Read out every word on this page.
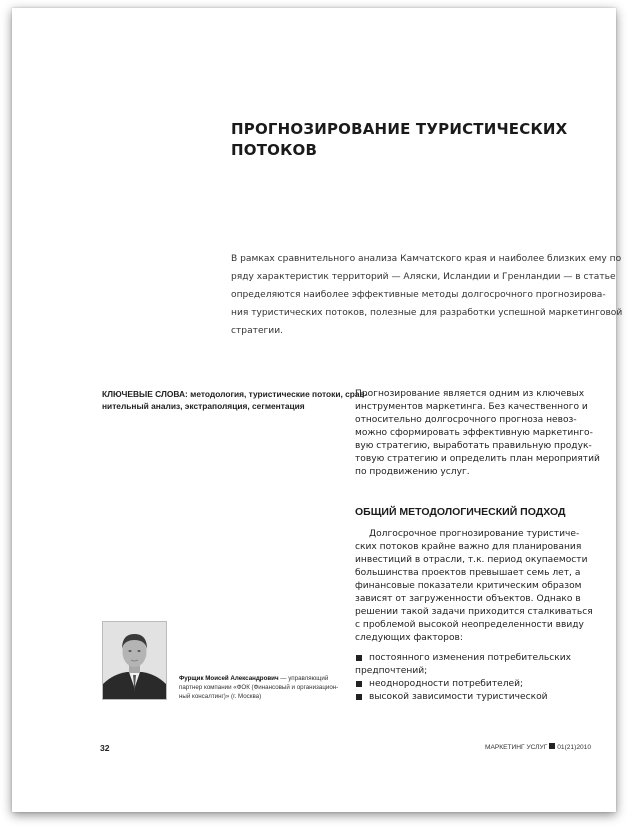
ПРОГНОЗИРОВАНИЕ ТУРИСТИЧЕСКИХ
ПОТОКОВ
В рамках сравнительного анализа Камчатского края и наиболее близких ему по
ряду характеристик территорий — Аляски, Исландии и Гренландии — в статье
определяются наиболее эффективные методы долгосрочного прогнозирова-
ния туристических потоков, полезные для разработки успешной маркетинговой
стратегии.
КЛЮЧЕВЫЕ СЛОВА: методология, туристические потоки, срав-
нительный анализ, экстраполяция, сегментация
Прогнозирование является одним из ключевых
инструментов маркетинга. Без качественного и
относительно долгосрочного прогноза невоз-
можно сформировать эффективную маркетинго-
вую стратегию, выработать правильную продук-
товую стратегию и определить план мероприятий
по продвижению услуг.
ОБЩИЙ МЕТОДОЛОГИЧЕСКИЙ ПОДХОД
Долгосрочное прогнозирование туристиче-
ских потоков крайне важно для планирования
инвестиций в отрасли, т.к. период окупаемости
большинства проектов превышает семь лет, а
финансовые показатели критическим образом
зависят от загруженности объектов. Однако в
решении такой задачи приходится сталкиваться
с проблемой высокой неопределенности ввиду
следующих факторов:
постоянного изменения потребительских
предпочтений;
неоднородности потребителей;
высокой зависимости туристической
Фурщик Моисей Александрович — управляющий
партнер компании «ФОК (Финансовый и организацион-
ный консалтинг)» (г. Москва)
32	МАРКЕТИНГ УСЛУГ 01(21)2010
